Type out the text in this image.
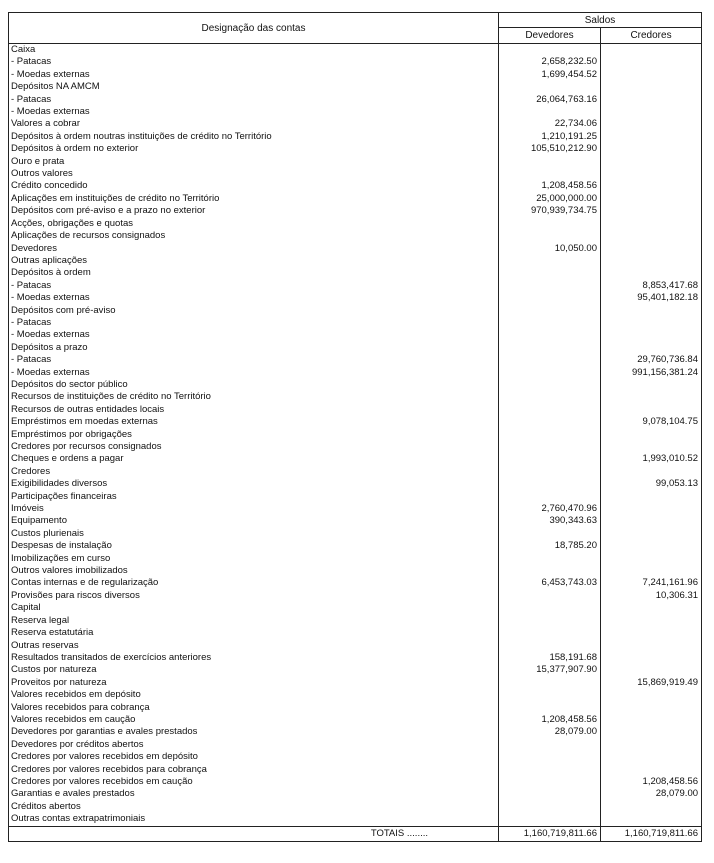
Designação das contas	Saldos	
	Devedores	Credores
Caixa		
- Patacas	2,658,232.50	
- Moedas externas	1,699,454.52	
Depósitos NA AMCM		
- Patacas	26,064,763.16	
- Moedas externas		
Valores a cobrar	22,734.06	
Depósitos à ordem noutras instituições de crédito no Território	1,210,191.25	
Depósitos à ordem no exterior	105,510,212.90	
Ouro e prata		
Outros valores		
Crédito concedido	1,208,458.56	
Aplicações em instituições de crédito no Território	25,000,000.00	
Depósitos com pré-aviso e a prazo no exterior	970,939,734.75	
Acções, obrigações e quotas		
Aplicações de recursos consignados		
Devedores	10,050.00	
Outras aplicações		
Depósitos à ordem		
- Patacas		8,853,417.68
- Moedas externas		95,401,182.18
Depósitos com pré-aviso		
- Patacas		
- Moedas externas		
Depósitos a prazo		
- Patacas		29,760,736.84
- Moedas externas		991,156,381.24
Depósitos do sector público		
Recursos de instituições de crédito no Território		
Recursos de outras entidades locais		
Empréstimos em moedas externas		9,078,104.75
Empréstimos por obrigações		
Credores por recursos consignados		
Cheques e ordens a pagar		1,993,010.52
Credores		
Exigibilidades diversos		99,053.13
Participações financeiras		
Imóveis	2,760,470.96	
Equipamento	390,343.63	
Custos plurienais		
Despesas de instalação	18,785.20	
Imobilizações em curso		
Outros valores imobilizados		
Contas internas e de regularização	6,453,743.03	7,241,161.96
Provisões para riscos diversos		10,306.31
Capital		
Reserva legal		
Reserva estatutária		
Outras reservas		
Resultados transitados de exercícios anteriores	158,191.68	
Custos por natureza	15,377,907.90	
Proveitos por natureza		15,869,919.49
Valores recebidos em depósito		
Valores recebidos para cobrança		
Valores recebidos em caução	1,208,458.56	
Devedores por garantias e avales prestados	28,079.00	
Devedores por créditos abertos		
Credores por valores recebidos em depósito		
Credores por valores recebidos para cobrança		
Credores por valores recebidos em caução		1,208,458.56
Garantias e avales prestados		28,079.00
Créditos abertos		
Outras contas extrapatrimoniais		
TOTAIS ........	1,160,719,811.66	1,160,719,811.66
